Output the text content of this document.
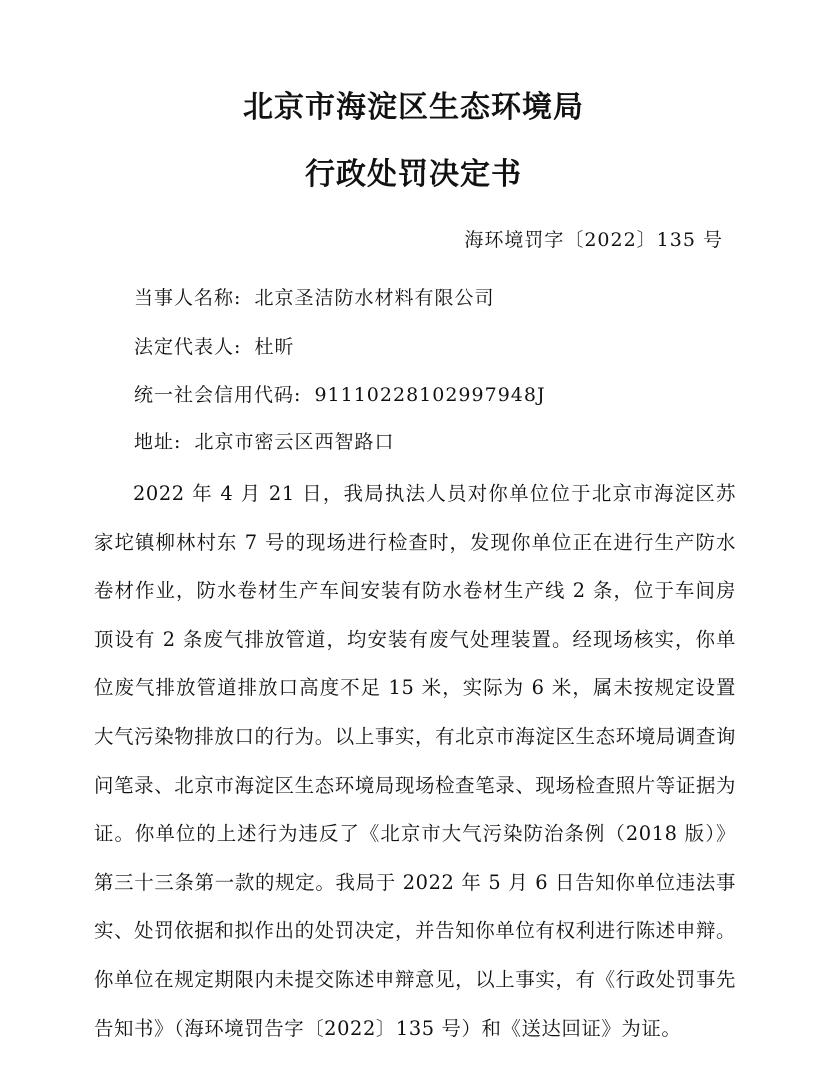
北京市海淀区生态环境局
行政处罚决定书
海环境罚字〔2022〕135 号
当事人名称: 北京圣洁防水材料有限公司
法定代表人: 杜昕
统一社会信用代码: 91110228102997948J
地址: 北京市密云区西智路口

2022 年 4 月 21 日，我局执法人员对你单位位于北京市海淀区苏家坨镇柳林村东 7 号的现场进行检查时，发现你单位正在进行生产防水卷材作业，防水卷材生产车间安装有防水卷材生产线 2 条，位于车间房顶设有 2 条废气排放管道，均安装有废气处理装置。经现场核实，你单位废气排放管道排放口高度不足 15 米，实际为 6 米，属未按规定设置大气污染物排放口的行为。以上事实，有北京市海淀区生态环境局调查询问笔录、北京市海淀区生态环境局现场检查笔录、现场检查照片等证据为证。你单位的上述行为违反了《北京市大气污染防治条例（2018 版）》第三十三条第一款的规定。我局于 2022 年 5 月 6 日告知你单位违法事实、处罚依据和拟作出的处罚决定，并告知你单位有权利进行陈述申辩。你单位在规定期限内未提交陈述申辩意见，以上事实，有《行政处罚事先告知书》（海环境罚告字〔2022〕135 号）和《送达回证》为证。
